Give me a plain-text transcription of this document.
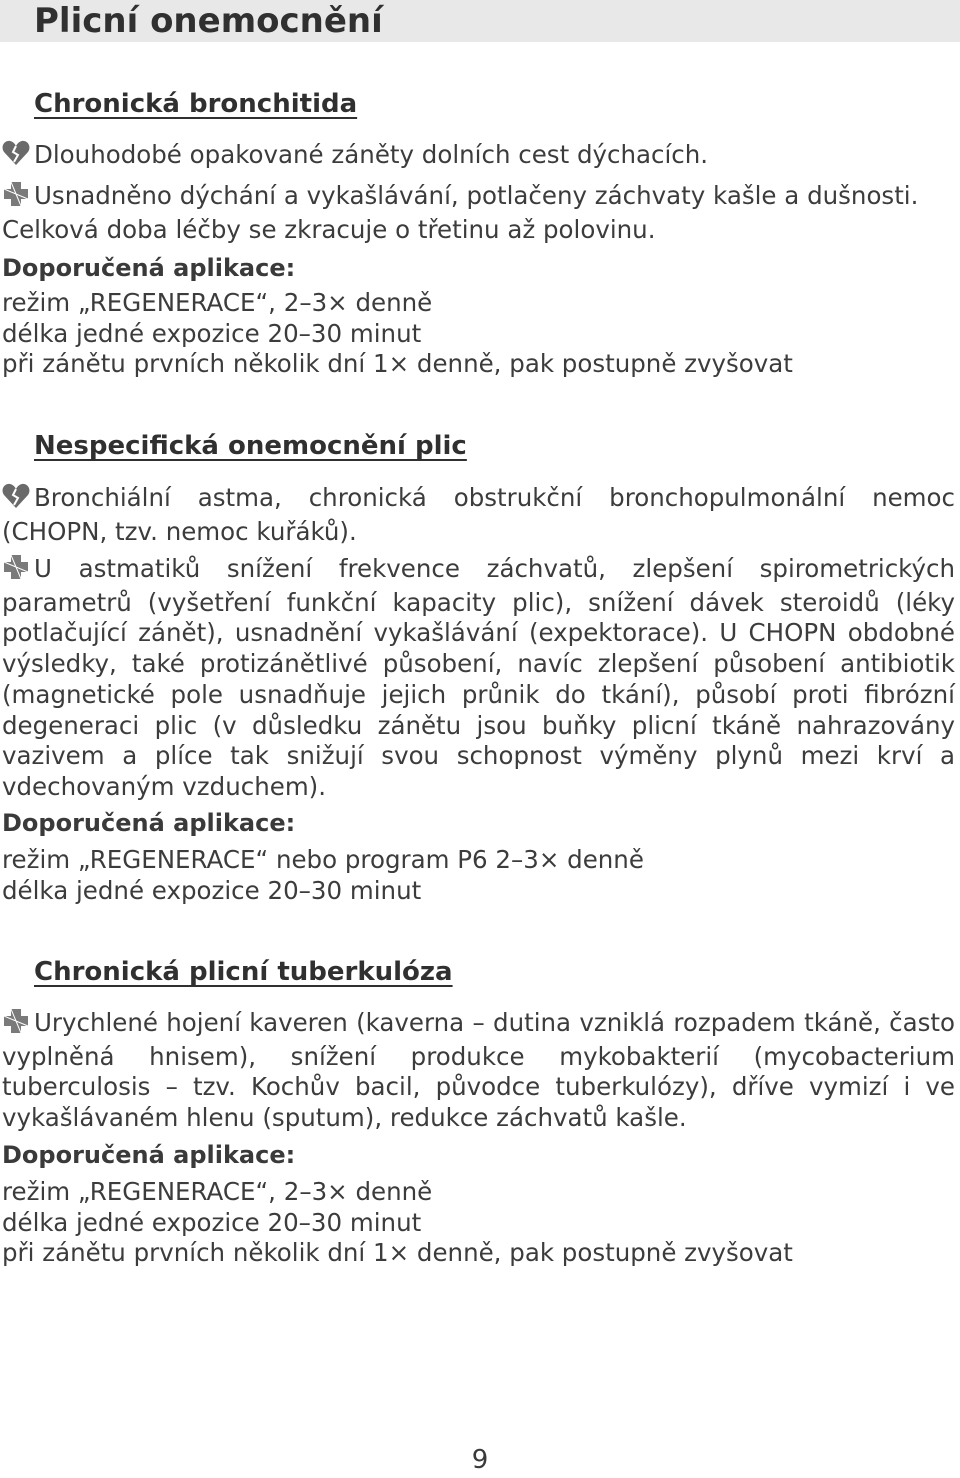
Plicní onemocnění
Chronická bronchitida
Dlouhodobé opakované záněty dolních cest dýchacích.
Usnadněno dýchání a vykašlávání, potlačeny záchvaty kašle a dušnosti.
Celková doba léčby se zkracuje o třetinu až polovinu.
Doporučená aplikace:
režim „REGENERACE“, 2–3× denně
délka jedné expozice 20–30 minut
při zánětu prvních několik dní 1× denně, pak postupně zvyšovat
Nespecifická onemocnění plic
Bronchiální astma, chronická obstrukční bronchopulmonální nemoc (CHOPN, tzv. nemoc kuřáků).
U astmatiků snížení frekvence záchvatů, zlepšení spirometrických parametrů (vyšetření funkční kapacity plic), snížení dávek steroidů (léky potlačující zánět), usnadnění vykašlávání (expektorace). U CHOPN obdobné výsledky, také protizánětlivé působení, navíc zlepšení působení antibiotik (magnetické pole usnadňuje jejich průnik do tkání), působí proti fibrózní degeneraci plic (v důsledku zánětu jsou buňky plicní tkáně nahrazovány vazivem a plíce tak snižují svou schopnost výměny plynů mezi krví a vdechovaným vzduchem).
Doporučená aplikace:
režim „REGENERACE“ nebo program P6 2–3× denně
délka jedné expozice 20–30 minut
Chronická plicní tuberkulóza
Urychlené hojení kaveren (kaverna – dutina vzniklá rozpadem tkáně, často vyplněná hnisem), snížení produkce mykobakterií (mycobacterium tuberculosis – tzv. Kochův bacil, původce tuberkulózy), dříve vymizí i ve vykašlávaném hlenu (sputum), redukce záchvatů kašle.
Doporučená aplikace:
režim „REGENERACE“, 2–3× denně
délka jedné expozice 20–30 minut
při zánětu prvních několik dní 1× denně, pak postupně zvyšovat
9
